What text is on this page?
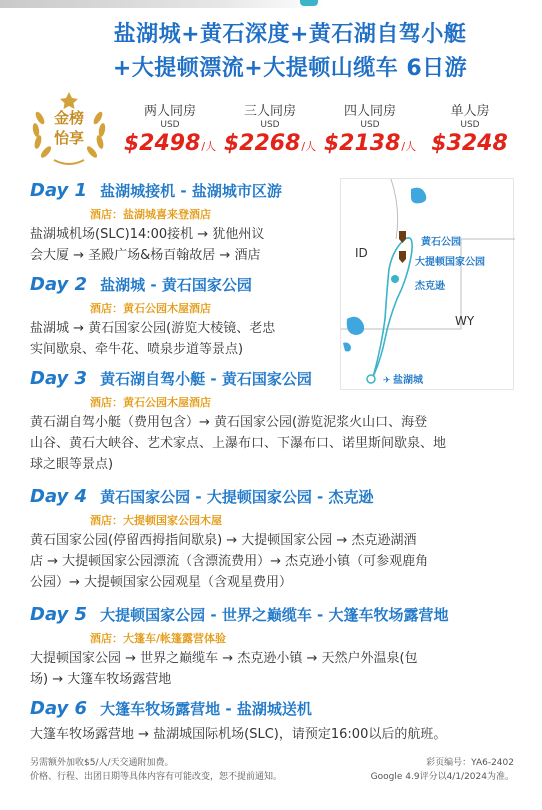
盐湖城+黄石深度+黄石湖自驾小艇
+大提顿漂流+大提顿山缆车 6日游
金榜
怡享
两人同房
USD
$2498/人
三人同房
USD
$2268/人
四人同房
USD
$2138/人
单人房
USD
$3248
Day 1 盐湖城接机 - 盐湖城市区游
酒店：盐湖城喜来登酒店
盐湖城机场(SLC)14:00接机 → 犹他州议
会大厦 → 圣殿广场&杨百翰故居 → 酒店
Day 2 盐湖城 - 黄石国家公园
酒店：黄石公园木屋酒店
盐湖城 → 黄石国家公园(游览大棱镜、老忠
实间歇泉、牵牛花、喷泉步道等景点)
Day 3 黄石湖自驾小艇 - 黄石国家公园
酒店：黄石公园木屋酒店
黄石湖自驾小艇（费用包含）→ 黄石国家公园(游览泥浆火山口、海登
山谷、黄石大峡谷、艺术家点、上瀑布口、下瀑布口、诺里斯间歇泉、地
球之眼等景点)
Day 4 黄石国家公园 - 大提顿国家公园 - 杰克逊
酒店：大提顿国家公园木屋
黄石国家公园(停留西拇指间歇泉) → 大提顿国家公园 → 杰克逊湖酒
店 → 大提顿国家公园漂流（含漂流费用）→ 杰克逊小镇（可参观鹿角
公园）→ 大提顿国家公园观星（含观星费用）
Day 5 大提顿国家公园 - 世界之巅缆车 - 大篷车牧场露营地
酒店：大篷车/帐篷露营体验
大提顿国家公园 → 世界之巅缆车 → 杰克逊小镇 → 天然户外温泉(包
场) → 大篷车牧场露营地
Day 6 大篷车牧场露营地 - 盐湖城送机
大篷车牧场露营地 → 盐湖城国际机场(SLC)，请预定16:00以后的航班。
✈
ID
WY
黄石公园
大提顿国家公园
杰克逊
盐湖城
另需额外加收$5/人/天交通附加费。
价格、行程、出团日期等具体内容有可能改变，恕不提前通知。
彩页编号：YA6-2402
Google 4.9评分以4/1/2024为准。
